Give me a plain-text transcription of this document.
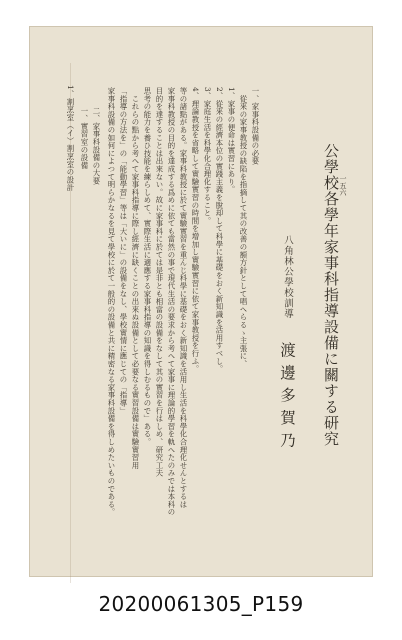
一五六
公學校各學年家事科指導設備に關する研究
八角林公學校訓導
渡邊多賀乃
一、家事科設備の必要
　從來の家事教授の缺陷を指摘して其の改善の額方針として唱へらるゝ主張に、
1、家事の便命は實習にあり。
2、從來の經濟本位の實踐主義を脫却して科學に基礎をおく新知識を活用すべし。
3、家庭生活を科學化合理化すること。
4、理論教授を省略して實驗實習の時間を增加し實驗實習に依て家事教授を行ふ。
等の諸點がある。家事科教授に於て實驗實習を重んじ科學に基礎をおく新知識を活用し生活を科學化合理化せんとするは
家事科教授の目的を達成する爲めに依ても當然の事で現代生活の要求から考へて家事に理論的學習を軌へたのみでは本科の
目的を達することは出來ない。故に家事科に於ては是非とも相當の設備をなして其の實習を行はしめ、研究工夫
思考の能力を養ひ技能を練らしめて、實際生活に適應する家事科指導の知識を得しむるもので」ある。
　これらの點から考へて家事科指導に際し經濟に缺くことの出來ぬ設備として必要なる實習設備は實驗實習用
「指導の方法を」の「能動學習」等は「大いに」の設備をなし、學校實情に應じての「指導」
家事科設備の如何によつて明らかなるを見て學校に於て一般的の設備と共に精密なる家事科設備を得しめたいものである。
　二、家事科設備の大要
　一、實習室の設備
1、割烹室（イ）割烹室の設計
20200061305_P159
